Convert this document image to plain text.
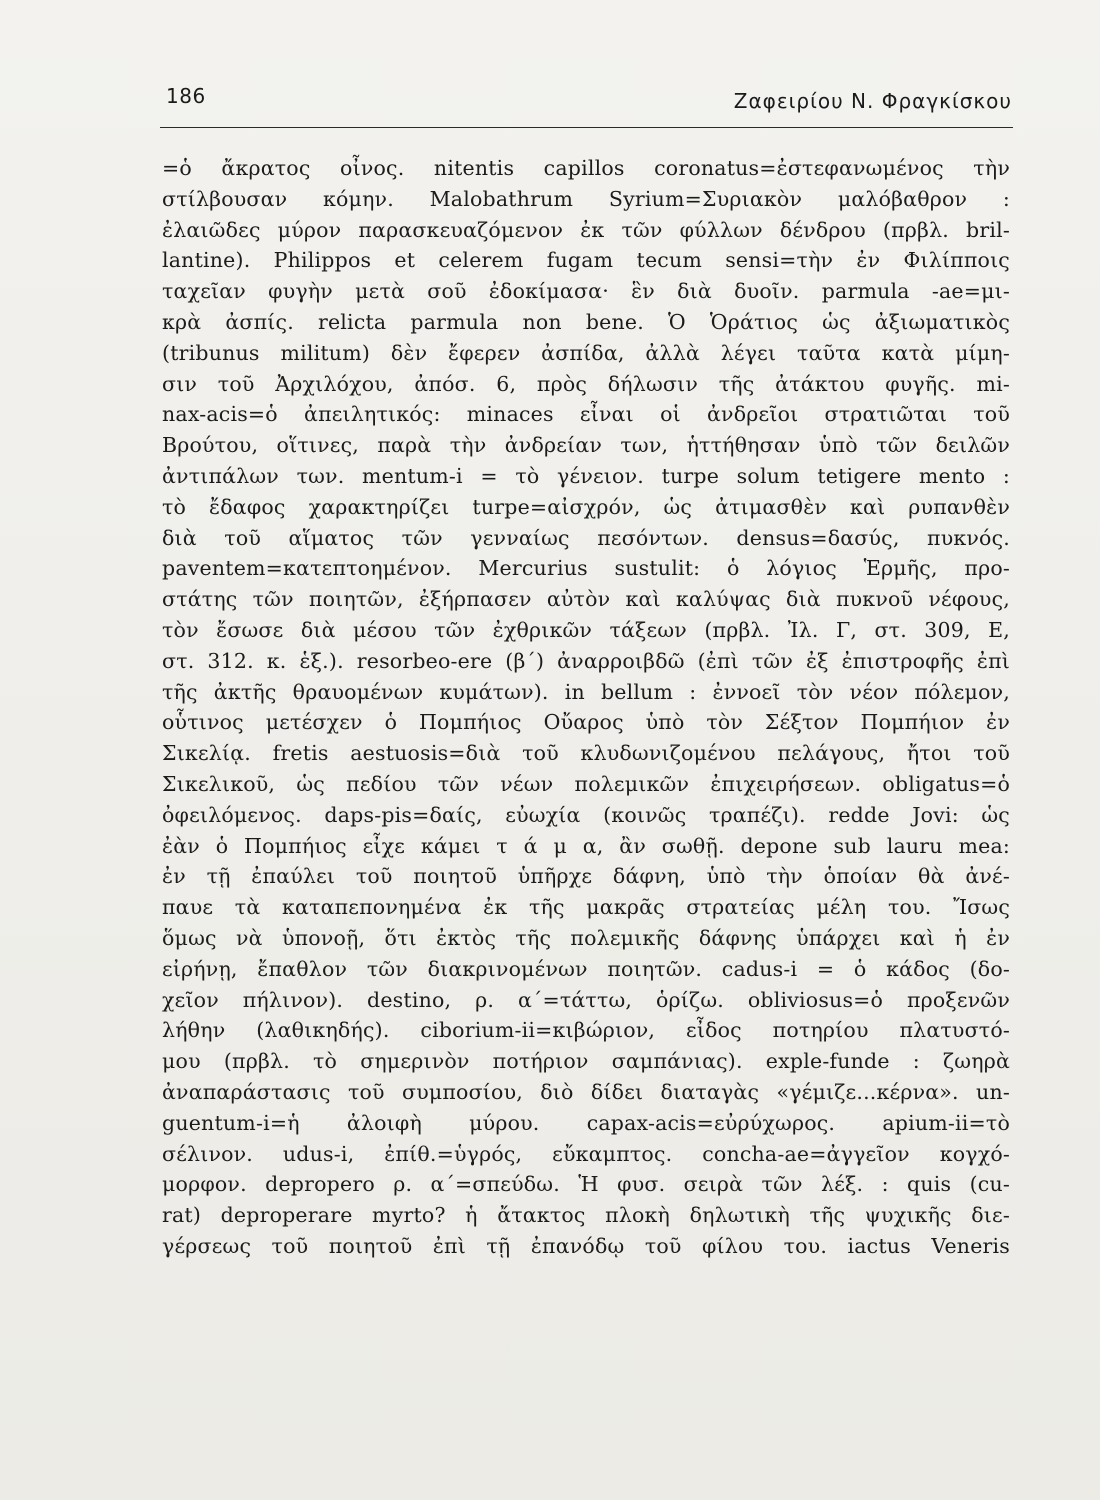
186	Ζαφειρίου Ν. Φραγκίσκου
=ὁ ἄκρατος οἶνος. nitentis capillos coronatus=ἐστεφανωμένος τὴν
στίλβουσαν κόμην. Malobathrum Syrium=Συριακὸν μαλόβαθρον :
ἐλαιῶδες μύρον παρασκευαζόμενον ἐκ τῶν φύλλων δένδρου (πρβλ. bril-
lantine). Philippos et celerem fugam tecum sensi=τὴν ἐν Φιλίπποις
ταχεῖαν φυγὴν μετὰ σοῦ ἐδοκίμασα· ἓν διὰ δυοῖν. parmula -ae=μι-
κρὰ ἀσπίς. relicta parmula non bene. Ὁ Ὁράτιος ὡς ἀξιωματικὸς
(tribunus militum) δὲν ἔφερεν ἀσπίδα, ἀλλὰ λέγει ταῦτα κατὰ μίμη-
σιν τοῦ Ἀρχιλόχου, ἀπόσ. 6, πρὸς δήλωσιν τῆς ἀτάκτου φυγῆς. mi-
nax-acis=ὁ ἀπειλητικός: minaces εἶναι οἱ ἀνδρεῖοι στρατιῶται τοῦ
Βρούτου, οἵτινες, παρὰ τὴν ἀνδρείαν των, ἡττήθησαν ὑπὸ τῶν δειλῶν
ἀντιπάλων των. mentum-i = τὸ γένειον. turpe solum tetigere mento :
τὸ ἔδαφος χαρακτηρίζει turpe=αἰσχρόν, ὡς ἀτιμασθὲν καὶ ρυπανθὲν
διὰ τοῦ αἵματος τῶν γενναίως πεσόντων. densus=δασύς, πυκνός.
paventem=κατεπτοημένον. Mercurius sustulit: ὁ λόγιος Ἑρμῆς, προ-
στάτης τῶν ποιητῶν, ἐξήρπασεν αὐτὸν καὶ καλύψας διὰ πυκνοῦ νέφους,
τὸν ἔσωσε διὰ μέσου τῶν ἐχθρικῶν τάξεων (πρβλ. Ἰλ. Γ, στ. 309, Ε,
στ. 312. κ. ἑξ.). resorbeo-ere (β΄) ἀναρροιβδῶ (ἐπὶ τῶν ἐξ ἐπιστροφῆς ἐπὶ
τῆς ἀκτῆς θραυομένων κυμάτων). in bellum : ἐννοεῖ τὸν νέον πόλεμον,
οὗτινος μετέσχεν ὁ Πομπήιος Οὔαρος ὑπὸ τὸν Σέξτον Πομπήιον ἐν
Σικελίᾳ. fretis aestuosis=διὰ τοῦ κλυδωνιζομένου πελάγους, ἤτοι τοῦ
Σικελικοῦ, ὡς πεδίου τῶν νέων πολεμικῶν ἐπιχειρήσεων. obligatus=ὁ
ὀφειλόμενος. daps-pis=δαίς, εὐωχία (κοινῶς τραπέζι). redde Jovi: ὡς
ἐὰν ὁ Πομπήιος εἶχε κάμει τ ά μ α, ἂν σωθῇ. depone sub lauru mea:
ἐν τῇ ἐπαύλει τοῦ ποιητοῦ ὑπῆρχε δάφνη, ὑπὸ τὴν ὁποίαν θὰ ἀνέ-
παυε τὰ καταπεπονημένα ἐκ τῆς μακρᾶς στρατείας μέλη του. Ἴσως
ὅμως νὰ ὑπονοῇ, ὅτι ἐκτὸς τῆς πολεμικῆς δάφνης ὑπάρχει καὶ ἡ ἐν
εἰρήνῃ, ἔπαθλον τῶν διακρινομένων ποιητῶν. cadus-i = ὁ κάδος (δο-
χεῖον πήλινον). destino, ρ. α΄=τάττω, ὁρίζω. obliviosus=ὁ προξενῶν
λήθην (λαθικηδής). ciborium-ii=κιβώριον, εἶδος ποτηρίου πλατυστό-
μου (πρβλ. τὸ σημερινὸν ποτήριον σαμπάνιας). exple-funde : ζωηρὰ
ἀναπαράστασις τοῦ συμποσίου, διὸ δίδει διαταγὰς «γέμιζε...κέρνα». un-
guentum-i=ἡ ἀλοιφὴ μύρου. capax-acis=εὐρύχωρος. apium-ii=τὸ
σέλινον. udus-i, ἐπίθ.=ὑγρός, εὔκαμπτος. concha-ae=ἀγγεῖον κογχό-
μορφον. depropero ρ. α΄=σπεύδω. Ἡ φυσ. σειρὰ τῶν λέξ. : quis (cu-
rat) deproperare myrto? ἡ ἄτακτος πλοκὴ δηλωτικὴ τῆς ψυχικῆς διε-
γέρσεως τοῦ ποιητοῦ ἐπὶ τῇ ἐπανόδῳ τοῦ φίλου του. iactus Veneris
